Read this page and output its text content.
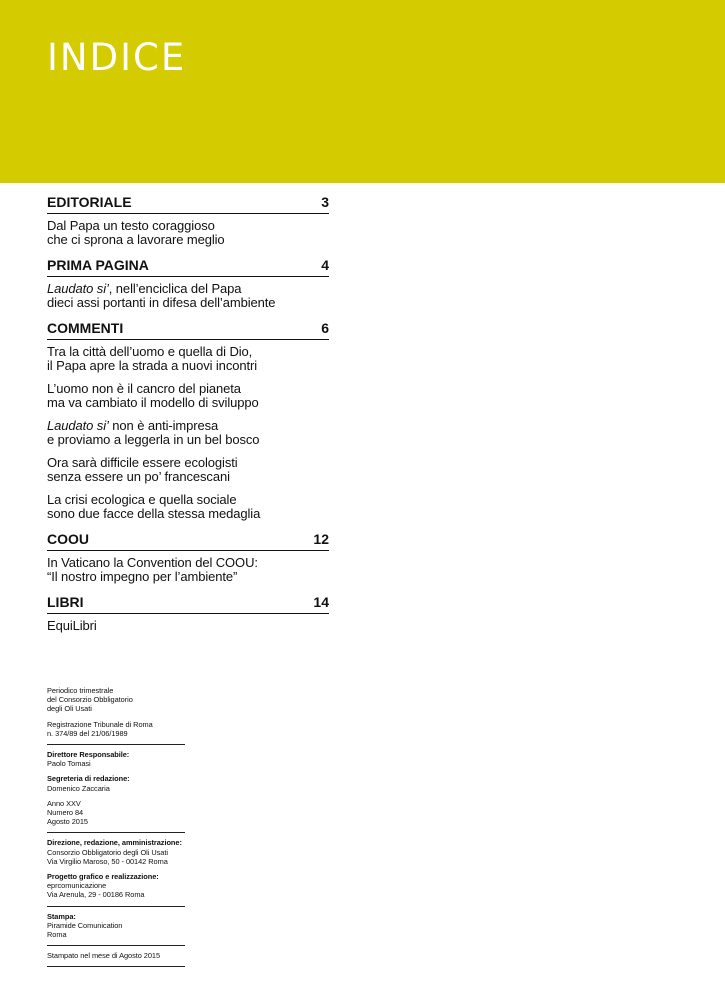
INDICE
EDITORIALE	3
Dal Papa un testo coraggioso
che ci sprona a lavorare meglio
PRIMA PAGINA	4
Laudato si’, nell’enciclica del Papa
dieci assi portanti in difesa dell’ambiente
COMMENTI	6
Tra la città dell’uomo e quella di Dio,
il Papa apre la strada a nuovi incontri
L’uomo non è il cancro del pianeta
ma va cambiato il modello di sviluppo
Laudato si’ non è anti-impresa
e proviamo a leggerla in un bel bosco
Ora sarà difficile essere ecologisti
senza essere un po’ francescani
La crisi ecologica e quella sociale
sono due facce della stessa medaglia
COOU	12
In Vaticano la Convention del COOU:
“Il nostro impegno per l’ambiente”
LIBRI	14
EquiLibri
Periodico trimestrale
del Consorzio Obbligatorio
degli Oli Usati
Registrazione Tribunale di Roma
n. 374/89 del 21/06/1989
Direttore Responsabile:
Paolo Tomasi
Segreteria di redazione:
Domenico Zaccaria
Anno XXV
Numero 84
Agosto 2015
Direzione, redazione, amministrazione:
Consorzio Obbligatorio degli Oli Usati
Via Virgilio Maroso, 50 - 00142 Roma
Progetto grafico e realizzazione:
eprcomunicazione
Via Arenula, 29 - 00186 Roma
Stampa:
Piramide Comunication
Roma
Stampato nel mese di Agosto 2015
